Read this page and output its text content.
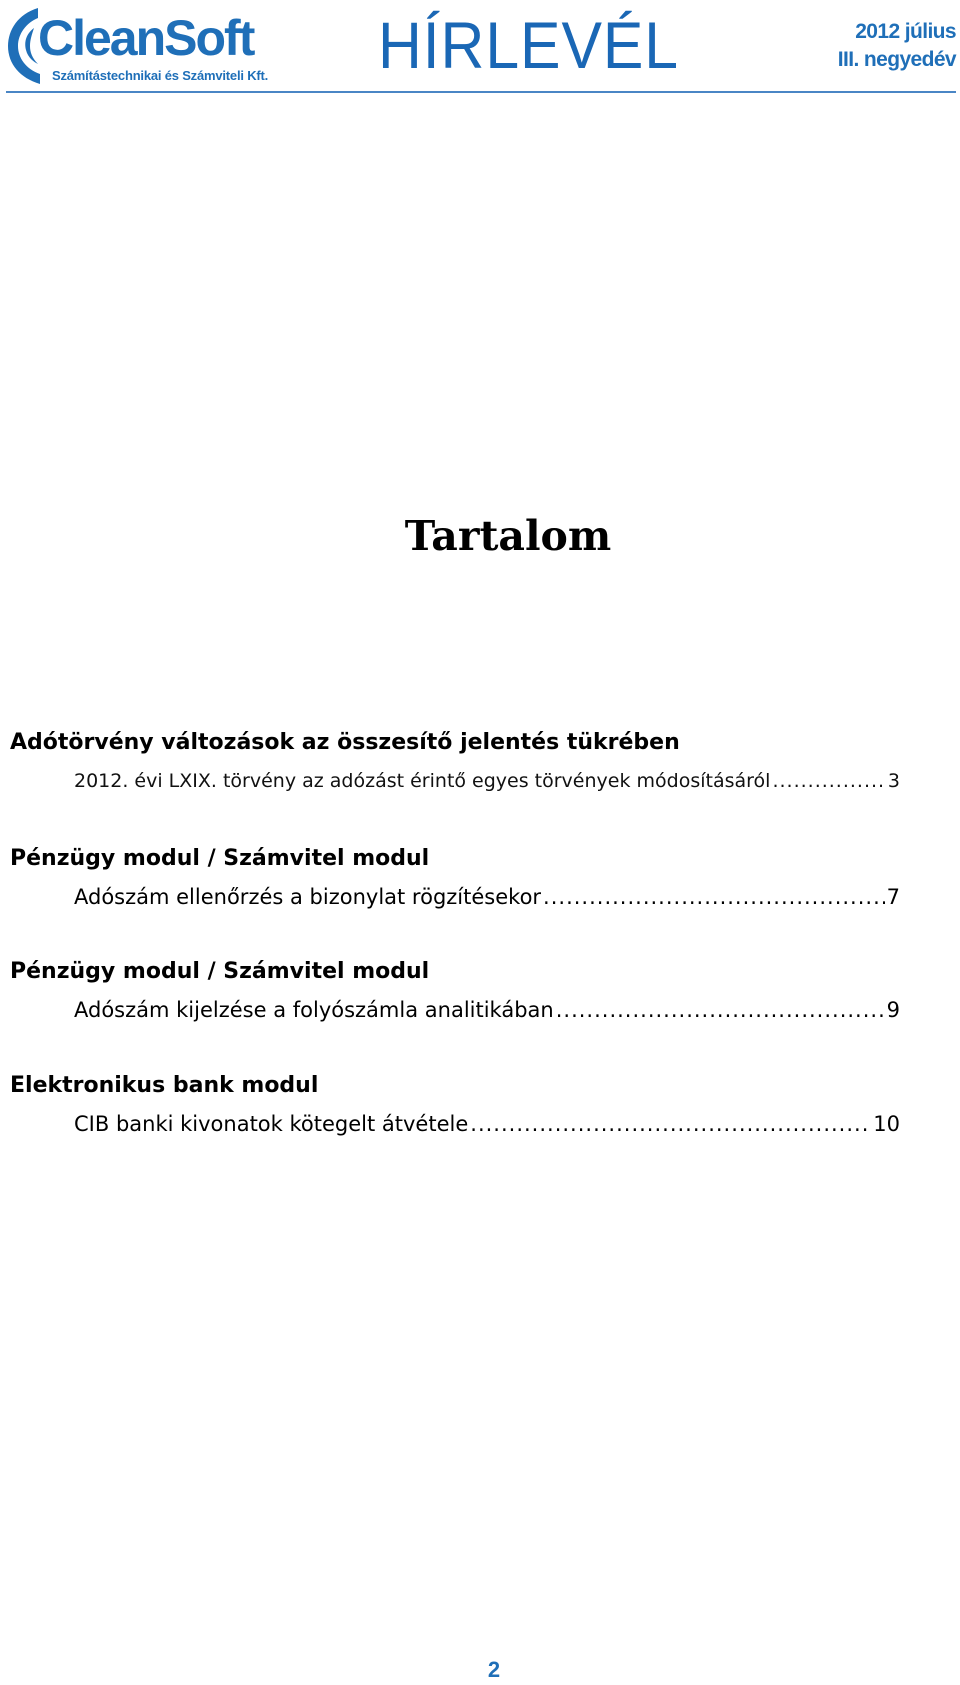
CleanSoft
Számítástechnikai és Számviteli Kft. HÍRLEVÉL	2012 július
III. negyedév
Tartalom
Adótörvény változások az összesítő jelentés tükrében
2012. évi LXIX. törvény az adózást érintő egyes törvények módosításáról .....	3
Pénzügy modul / Számvitel modul
Adószám ellenőrzés a bizonylat rögzítésekor .....	7
Pénzügy modul / Számvitel modul
Adószám kijelzése a folyószámla analitikában .....	9
Elektronikus bank modul
CIB banki kivonatok kötegelt átvétele .....	10
2
